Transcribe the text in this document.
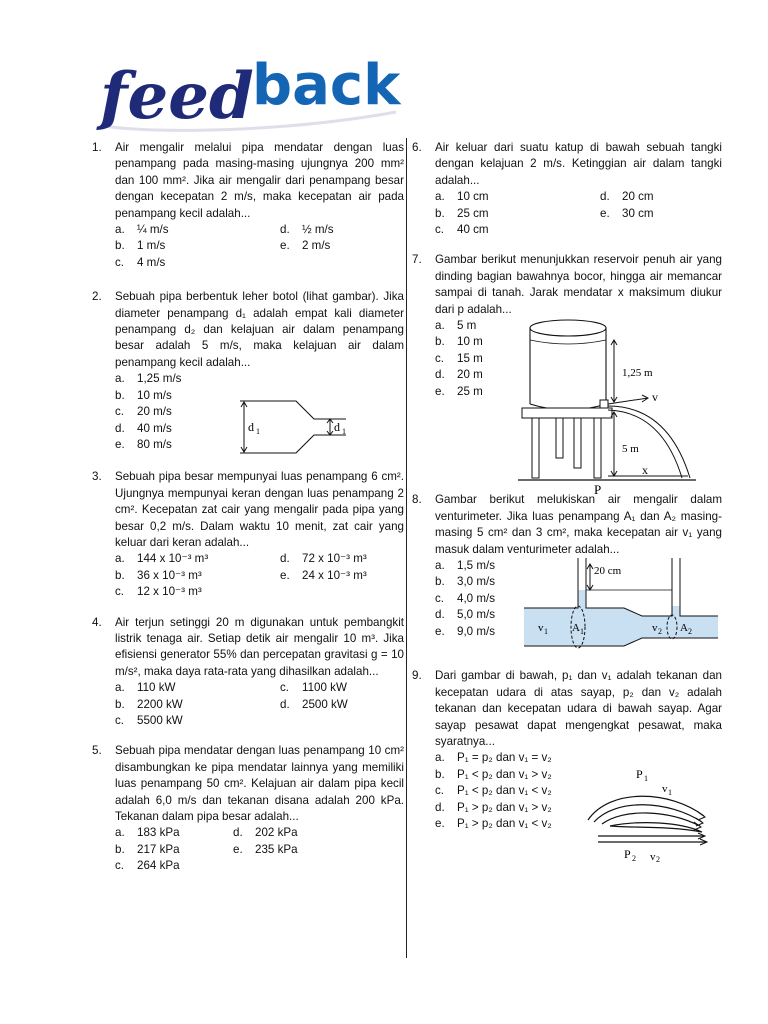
feed
back
1. Air mengalir melalui pipa mendatar dengan luas penampang pada masing-masing ujungnya 200 mm² dan 100 mm². Jika air mengalir dari penampang besar dengan kecepatan 2 m/s, maka kecepatan air pada penampang kecil adalah...
a.	¼ m/s	d.	½ m/s
b.	1 m/s	e.	2 m/s
c.	4 m/s
2. Sebuah pipa berbentuk leher botol (lihat gambar). Jika diameter penampang d₁ adalah empat kali diameter penampang d₂ dan kelajuan air dalam penampang besar adalah 5 m/s, maka kelajuan air dalam penampang kecil adalah...
a.	1,25 m/s
b.	10 m/s
c.	20 m/s
d.	40 m/s
e.	80 m/s
d 1	d 1
3. Sebuah pipa besar mempunyai luas penampang 6 cm². Ujungnya mempunyai keran dengan luas penampang 2 cm². Kecepatan zat cair yang mengalir pada pipa yang besar 0,2 m/s. Dalam waktu 10 menit, zat cair yang keluar dari keran adalah...
a.	144 x 10⁻³ m³	d.	72 x 10⁻³ m³
b.	36 x 10⁻³ m³	e.	24 x 10⁻³ m³
c.	12 x 10⁻³ m³
4. Air terjun setinggi 20 m digunakan untuk pembangkit listrik tenaga air. Setiap detik air mengalir 10 m³. Jika efisiensi generator 55% dan percepatan gravitasi g = 10 m/s², maka daya rata-rata yang dihasilkan adalah...
a.	110 kW	c.	1100 kW
b.	2200 kW	d.	2500 kW
c.	5500 kW
5. Sebuah pipa mendatar dengan luas penampang 10 cm² disambungkan ke pipa mendatar lainnya yang memiliki luas penampang 50 cm². Kelajuan air dalam pipa kecil adalah 6,0 m/s dan tekanan disana adalah 200 kPa. Tekanan dalam pipa besar adalah...
a.	183 kPa	d.	202 kPa
b.	217 kPa	e.	235 kPa
c.	264 kPa
6. Air keluar dari suatu katup di bawah sebuah tangki dengan kelajuan 2 m/s. Ketinggian air dalam tangki adalah...
a.	10 cm	d.	20 cm
b.	25 cm	e.	30 cm
c.	40 cm
7. Gambar berikut menunjukkan reservoir penuh air yang dinding bagian bawahnya bocor, hingga air memancar sampai di tanah. Jarak mendatar x maksimum diukur dari p adalah...
a.	5 m
b.	10 m
c.	15 m
d.	20 m
e.	25 m
1,25 m
v
5 m
x
P
8. Gambar berikut melukiskan air mengalir dalam venturimeter. Jika luas penampang A₁ dan A₂ masing-masing 5 cm² dan 3 cm², maka kecepatan air v₁ yang masuk dalam venturimeter adalah...
a.	1,5 m/s
b.	3,0 m/s
c.	4,0 m/s
d.	5,0 m/s
e.	9,0 m/s
20 cm
v 1 A 1	v 2 A 2
9. Dari gambar di bawah, p₁ dan v₁ adalah tekanan dan kecepatan udara di atas sayap, p₂ dan v₂ adalah tekanan dan kecepatan udara di bawah sayap. Agar sayap pesawat dapat mengengkat pesawat, maka syaratnya...
a.	P₁ = p₂ dan v₁ = v₂
b.	P₁ < p₂ dan v₁ > v₂
c.	P₁ < p₂ dan v₁ < v₂
d.	P₁ > p₂ dan v₁ > v₂
e.	P₁ > p₂ dan v₁ < v₂
P 1
v 1
P 2 v 2
